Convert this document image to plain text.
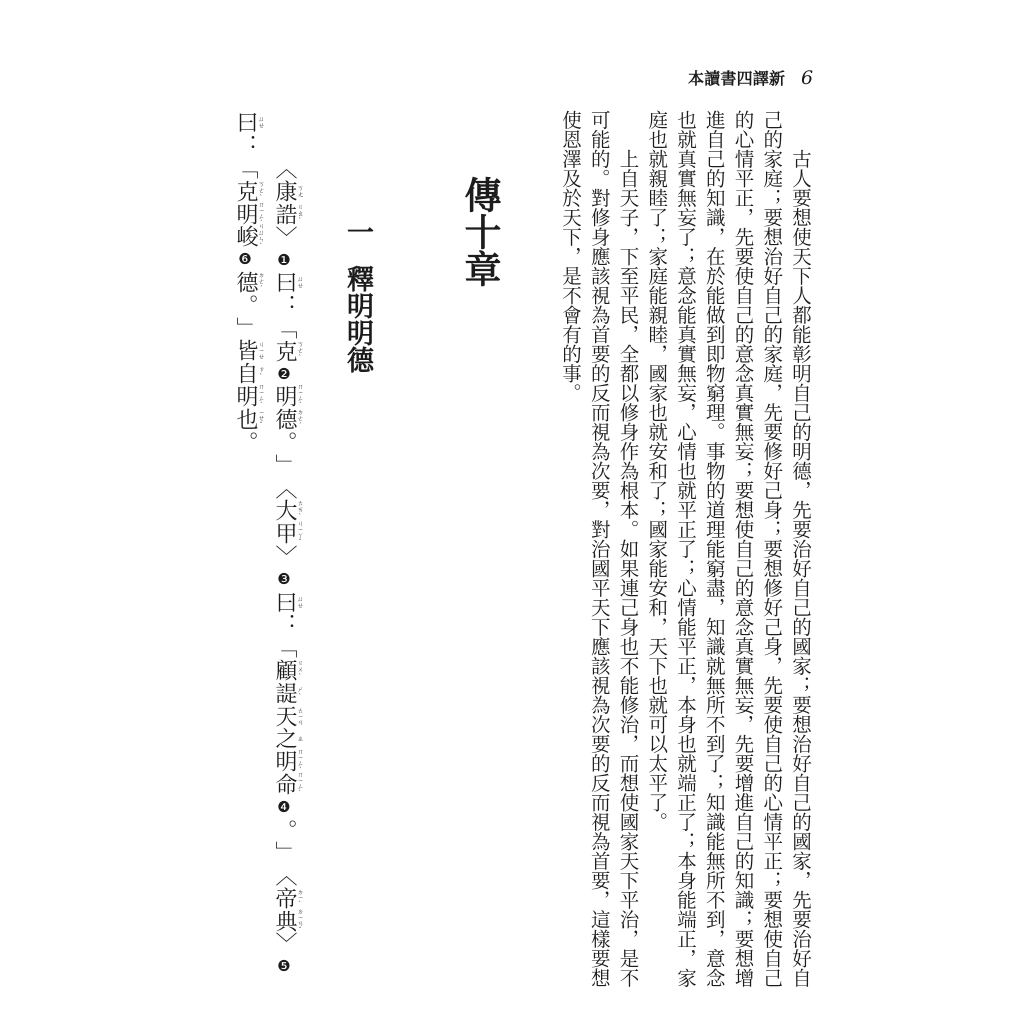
本讀書四譯新 6
古人要想使天下人都能彰明自己的明德，先要治好自己的國家；要想治好自己的國家，先要治好自
己的家庭；要想治好自己的家庭，先要修好己身；要想修好己身，先要使自己的心情平正；要想使自己
的心情平正，先要使自己的意念真實無妄；要想使自己的意念真實無妄，先要增進自己的知識；要想增
進自己的知識，在於能做到即物窮理。事物的道理能窮盡，知識就無所不到了；知識能無所不到，意念
也就真實無妄了；意念能真實無妄，心情也就平正了；心情能平正，本身也就端正了；本身能端正，家
庭也就親睦了；家庭能親睦，國家也就安和了；國家能安和，天下也就可以太平了。
上自天子，下至平民，全都以修身作為根本。如果連己身也不能修治，而想使國家天下平治，是不
可能的。對修身應該視為首要的反而視為次要，對治國平天下應該視為次要的反而視為首要，這樣要想
使恩澤及於天下，是不會有的事。
傳十章
一
釋明明德
〈
康 ㄎㄤ
誥 ㄍㄠˋ
〉
❶
曰 ㄩㄝ
：
「
克 ㄎㄜˋ
❷
明 ㄇㄧㄥˊ
德 ㄉㄜˊ
。
」
〈
大 ㄊㄞˋ
甲 ㄐㄧㄚˇ
〉
❸
曰 ㄩㄝ
：
「
顧 ㄍㄨˋ
諟 ㄕˋ
天 ㄊㄧㄢ
之 ㄓ
明 ㄇㄧㄥˊ
命 ㄇㄧㄥˋ
❹
。
」
〈
帝 ㄉㄧˋ
典 ㄉㄧㄢˇ
〉
❺
曰 ㄩㄝ
：
「
克 ㄎㄜˋ
明 ㄇㄧㄥˊ
峻 ㄐㄩㄣˋ
❻
德 ㄉㄜˊ
。
」
皆 ㄐㄧㄝ
自 ㄗˋ
明 ㄇㄧㄥˊ
也 ㄧㄝˇ
。
